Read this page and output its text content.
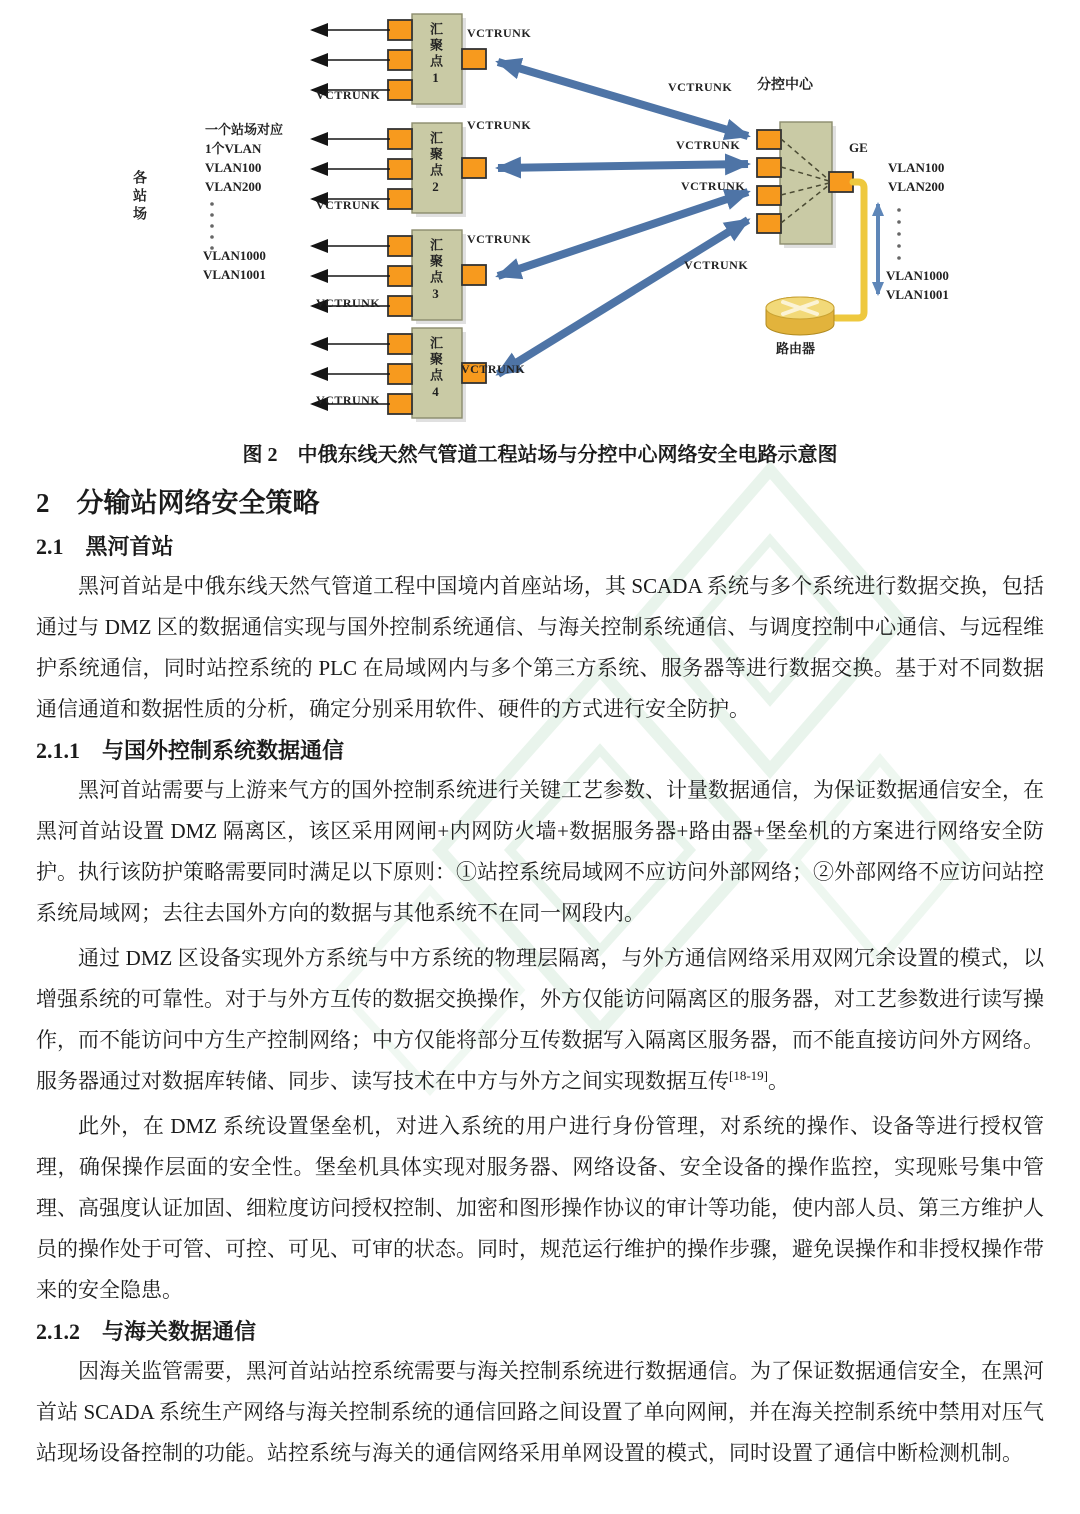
VCTRUNK
VCTRUNK
VCTRUNK
VCTRUNK
VCTRUNK
VCTRUNK
VCTRUNK
VCTRUNK
VCTRUNK
VCTRUNK
VCTRUNK
VCTRUNK
汇聚点1
汇聚点2
汇聚点3
汇聚点4
一个站场对应
1个VLAN
VLAN100
VLAN200
VLAN1000
VLAN1001
各站场
分控中心
GE
路由器
VLAN100
VLAN200
VLAN1000
VLAN1001
图 2　中俄东线天然气管道工程站场与分控中心网络安全电路示意图
2　分输站网络安全策略
2.1　黑河首站

黑河首站是中俄东线天然气管道工程中国境内首座站场，其 SCADA 系统与多个系统进行数据交换，包括通过与 DMZ 区的数据通信实现与国外控制系统通信、与海关控制系统通信、与调度控制中心通信、与远程维护系统通信，同时站控系统的 PLC 在局域网内与多个第三方系统、服务器等进行数据交换。基于对不同数据通信通道和数据性质的分析，确定分别采用软件、硬件的方式进行安全防护。

2.1.1　与国外控制系统数据通信

黑河首站需要与上游来气方的国外控制系统进行关键工艺参数、计量数据通信，为保证数据通信安全，在黑河首站设置 DMZ 隔离区，该区采用网闸+内网防火墙+数据服务器+路由器+堡垒机的方案进行网络安全防护。执行该防护策略需要同时满足以下原则：①站控系统局域网不应访问外部网络；②外部网络不应访问站控系统局域网；去往去国外方向的数据与其他系统不在同一网段内。

通过 DMZ 区设备实现外方系统与中方系统的物理层隔离，与外方通信网络采用双网冗余设置的模式，以增强系统的可靠性。对于与外方互传的数据交换操作，外方仅能访问隔离区的服务器，对工艺参数进行读写操作，而不能访问中方生产控制网络；中方仅能将部分互传数据写入隔离区服务器，而不能直接访问外方网络。服务器通过对数据库转储、同步、读写技术在中方与外方之间实现数据互传[18-19]。

此外，在 DMZ 系统设置堡垒机，对进入系统的用户进行身份管理，对系统的操作、设备等进行授权管理，确保操作层面的安全性。堡垒机具体实现对服务器、网络设备、安全设备的操作监控，实现账号集中管理、高强度认证加固、细粒度访问授权控制、加密和图形操作协议的审计等功能，使内部人员、第三方维护人员的操作处于可管、可控、可见、可审的状态。同时，规范运行维护的操作步骤，避免误操作和非授权操作带来的安全隐患。

2.1.2　与海关数据通信

因海关监管需要，黑河首站站控系统需要与海关控制系统进行数据通信。为了保证数据通信安全，在黑河首站 SCADA 系统生产网络与海关控制系统的通信回路之间设置了单向网闸，并在海关控制系统中禁用对压气站现场设备控制的功能。站控系统与海关的通信网络采用单网设置的模式，同时设置了通信中断检测机制。
